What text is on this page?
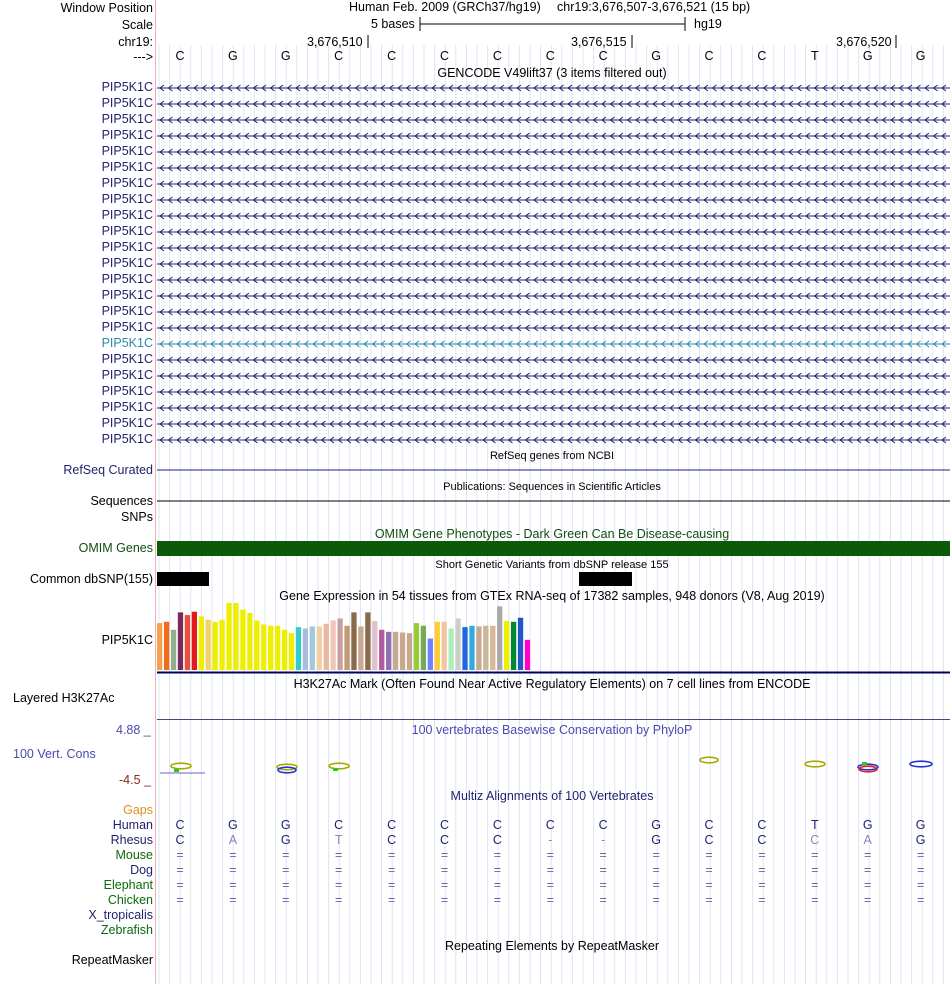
Window Position
Scale
chr19:
--->
Human Feb. 2009 (GRCh37/hg19) chr19:3,676,507-3,676,521 (15 bp)
5 bases	hg19
3,676,510	3,676,515	3,676,520
C	G	G	C	C	C	C	C	C	G	C	C	T	G	G
GENCODE V49lift37 (3 items filtered out)
PIP5K1C
PIP5K1C
PIP5K1C
PIP5K1C
PIP5K1C
PIP5K1C
PIP5K1C
PIP5K1C
PIP5K1C
PIP5K1C
PIP5K1C
PIP5K1C
PIP5K1C
PIP5K1C
PIP5K1C
PIP5K1C
PIP5K1C
PIP5K1C
PIP5K1C
PIP5K1C
PIP5K1C
PIP5K1C
PIP5K1C
RefSeq genes from NCBI
RefSeq Curated
Publications: Sequences in Scientific Articles
Sequences
SNPs
OMIM Gene Phenotypes - Dark Green Can Be Disease-causing
OMIM Genes
Short Genetic Variants from dbSNP release 155
Common dbSNP(155)
Gene Expression in 54 tissues from GTEx RNA-seq of 17382 samples, 948 donors (V8, Aug 2019)
PIP5K1C
H3K27Ac Mark (Often Found Near Active Regulatory Elements) on 7 cell lines from ENCODE
Layered H3K27Ac
100 vertebrates Basewise Conservation by PhyloP
4.88 _
100 Vert. Cons
-4.5 _
Gaps
Multiz Alignments of 100 Vertebrates
Human C	G	G	C	C	C	C	C	C	G	C	C	T	G	G
Rhesus C	A	G	T	C	C	C	-	-	G	C	C	C	A	G
Mouse =	=	=	=	=	=	=	=	=	=	=	=	=	=	=
Dog =	=	=	=	=	=	=	=	=	=	=	=	=	=	=
Elephant =	=	=	=	=	=	=	=	=	=	=	=	=	=	=
Chicken =	=	=	=	=	=	=	=	=	=	=	=	=	=	=
X_tropicalis
Zebrafish
Repeating Elements by RepeatMasker
RepeatMasker
